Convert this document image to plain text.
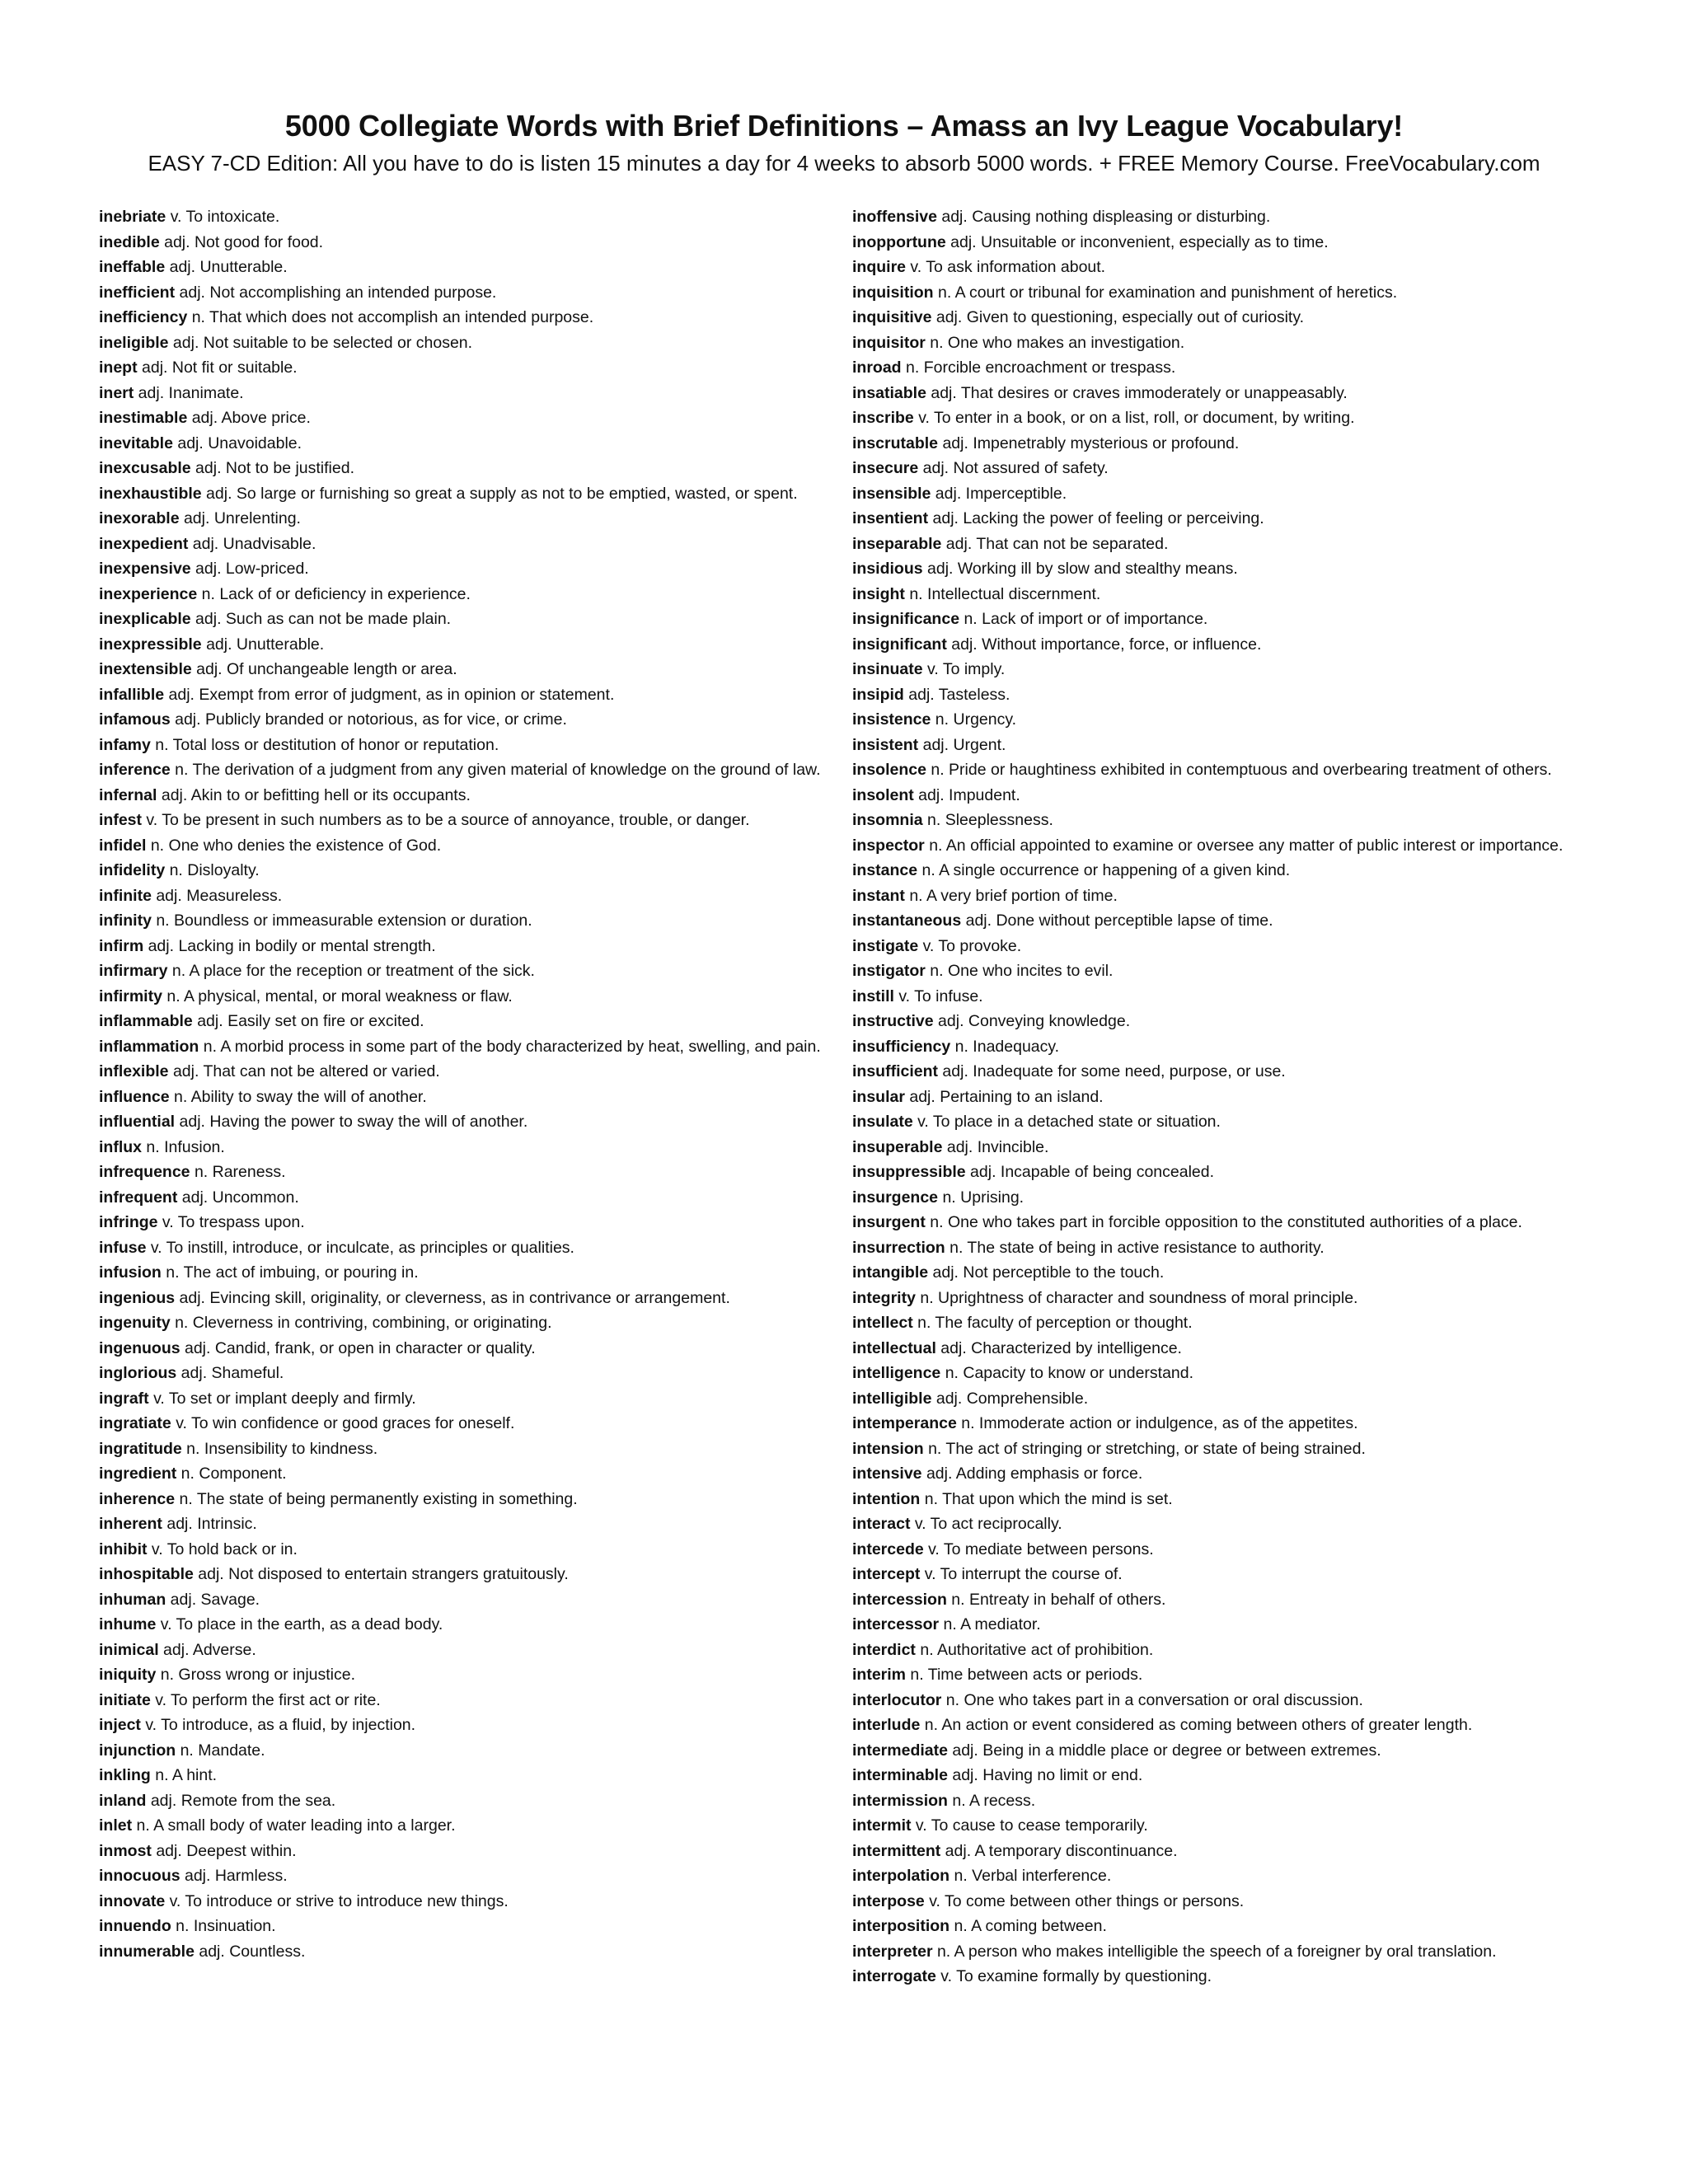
5000 Collegiate Words with Brief Definitions – Amass an Ivy League Vocabulary!

EASY 7-CD Edition: All you have to do is listen 15 minutes a day for 4 weeks to absorb 5000 words. + FREE Memory Course. FreeVocabulary.com

inebriate v. To intoxicate.

inedible adj. Not good for food.

ineffable adj. Unutterable.

inefficient adj. Not accomplishing an intended purpose.

inefficiency n. That which does not accomplish an intended purpose.

ineligible adj. Not suitable to be selected or chosen.

inept adj. Not fit or suitable.

inert adj. Inanimate.

inestimable adj. Above price.

inevitable adj. Unavoidable.

inexcusable adj. Not to be justified.

inexhaustible adj. So large or furnishing so great a supply as not to be emptied, wasted, or spent.

inexorable adj. Unrelenting.

inexpedient adj. Unadvisable.

inexpensive adj. Low-priced.

inexperience n. Lack of or deficiency in experience.

inexplicable adj. Such as can not be made plain.

inexpressible adj. Unutterable.

inextensible adj. Of unchangeable length or area.

infallible adj. Exempt from error of judgment, as in opinion or statement.

infamous adj. Publicly branded or notorious, as for vice, or crime.

infamy n. Total loss or destitution of honor or reputation.

inference n. The derivation of a judgment from any given material of knowledge on the ground of law.

infernal adj. Akin to or befitting hell or its occupants.

infest v. To be present in such numbers as to be a source of annoyance, trouble, or danger.

infidel n. One who denies the existence of God.

infidelity n. Disloyalty.

infinite adj. Measureless.

infinity n. Boundless or immeasurable extension or duration.

infirm adj. Lacking in bodily or mental strength.

infirmary n. A place for the reception or treatment of the sick.

infirmity n. A physical, mental, or moral weakness or flaw.

inflammable adj. Easily set on fire or excited.

inflammation n. A morbid process in some part of the body characterized by heat, swelling, and pain.

inflexible adj. That can not be altered or varied.

influence n. Ability to sway the will of another.

influential adj. Having the power to sway the will of another.

influx n. Infusion.

infrequence n. Rareness.

infrequent adj. Uncommon.

infringe v. To trespass upon.

infuse v. To instill, introduce, or inculcate, as principles or qualities.

infusion n. The act of imbuing, or pouring in.

ingenious adj. Evincing skill, originality, or cleverness, as in contrivance or arrangement.

ingenuity n. Cleverness in contriving, combining, or originating.

ingenuous adj. Candid, frank, or open in character or quality.

inglorious adj. Shameful.

ingraft v. To set or implant deeply and firmly.

ingratiate v. To win confidence or good graces for oneself.

ingratitude n. Insensibility to kindness.

ingredient n. Component.

inherence n. The state of being permanently existing in something.

inherent adj. Intrinsic.

inhibit v. To hold back or in.

inhospitable adj. Not disposed to entertain strangers gratuitously.

inhuman adj. Savage.

inhume v. To place in the earth, as a dead body.

inimical adj. Adverse.

iniquity n. Gross wrong or injustice.

initiate v. To perform the first act or rite.

inject v. To introduce, as a fluid, by injection.

injunction n. Mandate.

inkling n. A hint.

inland adj. Remote from the sea.

inlet n. A small body of water leading into a larger.

inmost adj. Deepest within.

innocuous adj. Harmless.

innovate v. To introduce or strive to introduce new things.

innuendo n. Insinuation.

innumerable adj. Countless.

inoffensive adj. Causing nothing displeasing or disturbing.

inopportune adj. Unsuitable or inconvenient, especially as to time.

inquire v. To ask information about.

inquisition n. A court or tribunal for examination and punishment of heretics.

inquisitive adj. Given to questioning, especially out of curiosity.

inquisitor n. One who makes an investigation.

inroad n. Forcible encroachment or trespass.

insatiable adj. That desires or craves immoderately or unappeasably.

inscribe v. To enter in a book, or on a list, roll, or document, by writing.

inscrutable adj. Impenetrably mysterious or profound.

insecure adj. Not assured of safety.

insensible adj. Imperceptible.

insentient adj. Lacking the power of feeling or perceiving.

inseparable adj. That can not be separated.

insidious adj. Working ill by slow and stealthy means.

insight n. Intellectual discernment.

insignificance n. Lack of import or of importance.

insignificant adj. Without importance, force, or influence.

insinuate v. To imply.

insipid adj. Tasteless.

insistence n. Urgency.

insistent adj. Urgent.

insolence n. Pride or haughtiness exhibited in contemptuous and overbearing treatment of others.

insolent adj. Impudent.

insomnia n. Sleeplessness.

inspector n. An official appointed to examine or oversee any matter of public interest or importance.

instance n. A single occurrence or happening of a given kind.

instant n. A very brief portion of time.

instantaneous adj. Done without perceptible lapse of time.

instigate v. To provoke.

instigator n. One who incites to evil.

instill v. To infuse.

instructive adj. Conveying knowledge.

insufficiency n. Inadequacy.

insufficient adj. Inadequate for some need, purpose, or use.

insular adj. Pertaining to an island.

insulate v. To place in a detached state or situation.

insuperable adj. Invincible.

insuppressible adj. Incapable of being concealed.

insurgence n. Uprising.

insurgent n. One who takes part in forcible opposition to the constituted authorities of a place.

insurrection n. The state of being in active resistance to authority.

intangible adj. Not perceptible to the touch.

integrity n. Uprightness of character and soundness of moral principle.

intellect n. The faculty of perception or thought.

intellectual adj. Characterized by intelligence.

intelligence n. Capacity to know or understand.

intelligible adj. Comprehensible.

intemperance n. Immoderate action or indulgence, as of the appetites.

intension n. The act of stringing or stretching, or state of being strained.

intensive adj. Adding emphasis or force.

intention n. That upon which the mind is set.

interact v. To act reciprocally.

intercede v. To mediate between persons.

intercept v. To interrupt the course of.

intercession n. Entreaty in behalf of others.

intercessor n. A mediator.

interdict n. Authoritative act of prohibition.

interim n. Time between acts or periods.

interlocutor n. One who takes part in a conversation or oral discussion.

interlude n. An action or event considered as coming between others of greater length.

intermediate adj. Being in a middle place or degree or between extremes.

interminable adj. Having no limit or end.

intermission n. A recess.

intermit v. To cause to cease temporarily.

intermittent adj. A temporary discontinuance.

interpolation n. Verbal interference.

interpose v. To come between other things or persons.

interposition n. A coming between.

interpreter n. A person who makes intelligible the speech of a foreigner by oral translation.

interrogate v. To examine formally by questioning.
